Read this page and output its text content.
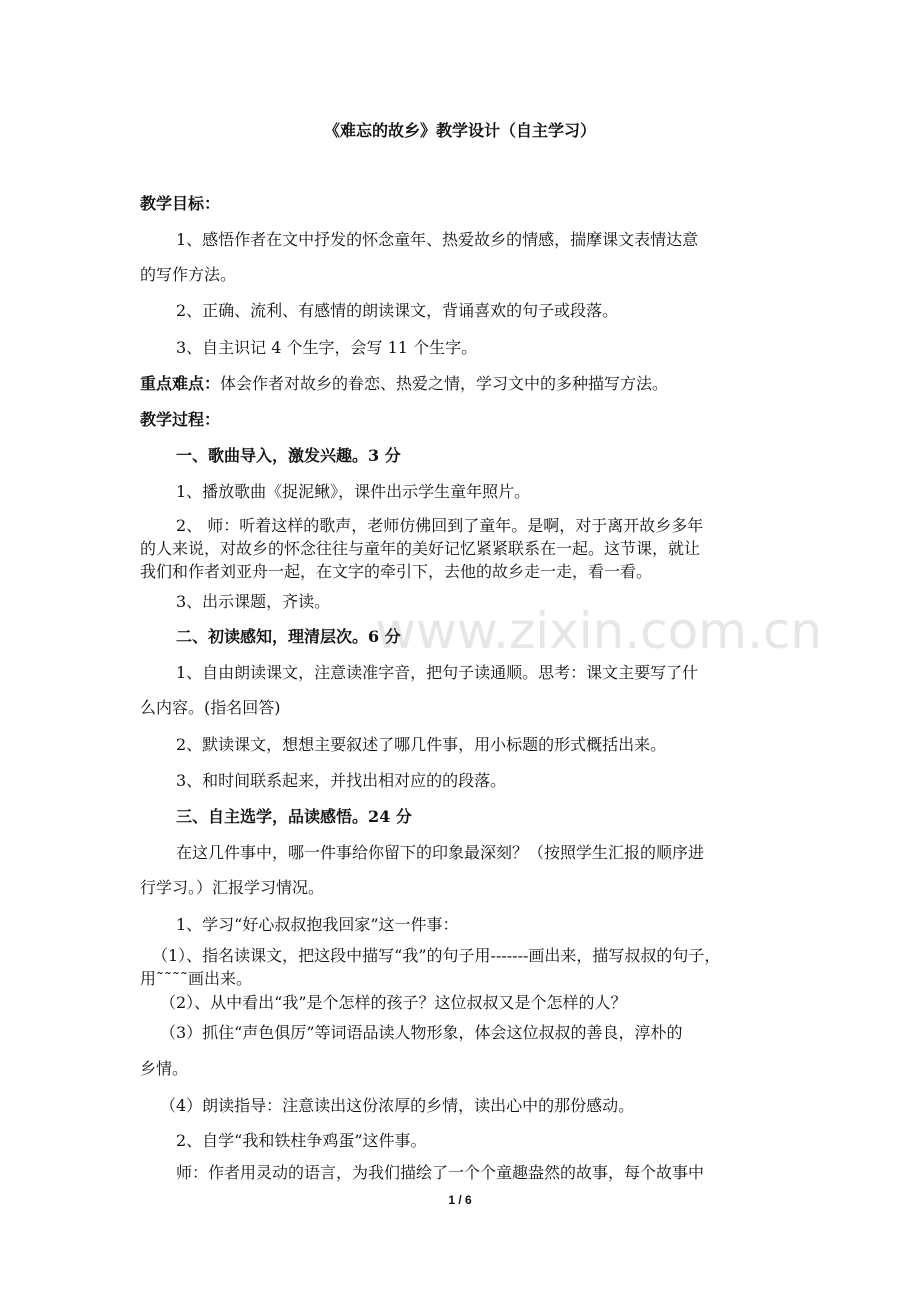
www.zixin.com.cn
《难忘的故乡》教学设计（自主学习）
教学目标：
1、感悟作者在文中抒发的怀念童年、热爱故乡的情感，揣摩课文表情达意
的写作方法。
2、正确、流利、有感情的朗读课文，背诵喜欢的句子或段落。
3、自主识记 4 个生字，会写 11 个生字。
重点难点：体会作者对故乡的眷恋、热爱之情，学习文中的多种描写方法。
教学过程：
一、歌曲导入，激发兴趣。3 分
1、播放歌曲《捉泥鳅》，课件出示学生童年照片。
2、 师：听着这样的歌声，老师仿佛回到了童年。是啊，对于离开故乡多年
的人来说，对故乡的怀念往往与童年的美好记忆紧紧联系在一起。这节课，就让
我们和作者刘亚舟一起，在文字的牵引下，去他的故乡走一走，看一看。
3、出示课题，齐读。
二、初读感知，理清层次。6 分
1、自由朗读课文，注意读准字音，把句子读通顺。思考：课文主要写了什
么内容。(指名回答)
2、默读课文，想想主要叙述了哪几件事，用小标题的形式概括出来。
3、和时间联系起来，并找出相对应的的段落。
三、自主选学，品读感悟。24 分
在这几件事中，哪一件事给你留下的印象最深刻？（按照学生汇报的顺序进
行学习。）汇报学习情况。
1、学习“好心叔叔抱我回家”这一件事：
（1）、指名读课文，把这段中描写“我”的句子用-------画出来，描写叔叔的句子，
用˜˜˜˜画出来。
（2）、从中看出“我”是个怎样的孩子？这位叔叔又是个怎样的人？
（3）抓住“声色俱厉”等词语品读人物形象，体会这位叔叔的善良，淳朴的
乡情。
（4）朗读指导：注意读出这份浓厚的乡情，读出心中的那份感动。
2、自学“我和铁柱争鸡蛋”这件事。
师：作者用灵动的语言，为我们描绘了一个个童趣盎然的故事，每个故事中
1 / 6
